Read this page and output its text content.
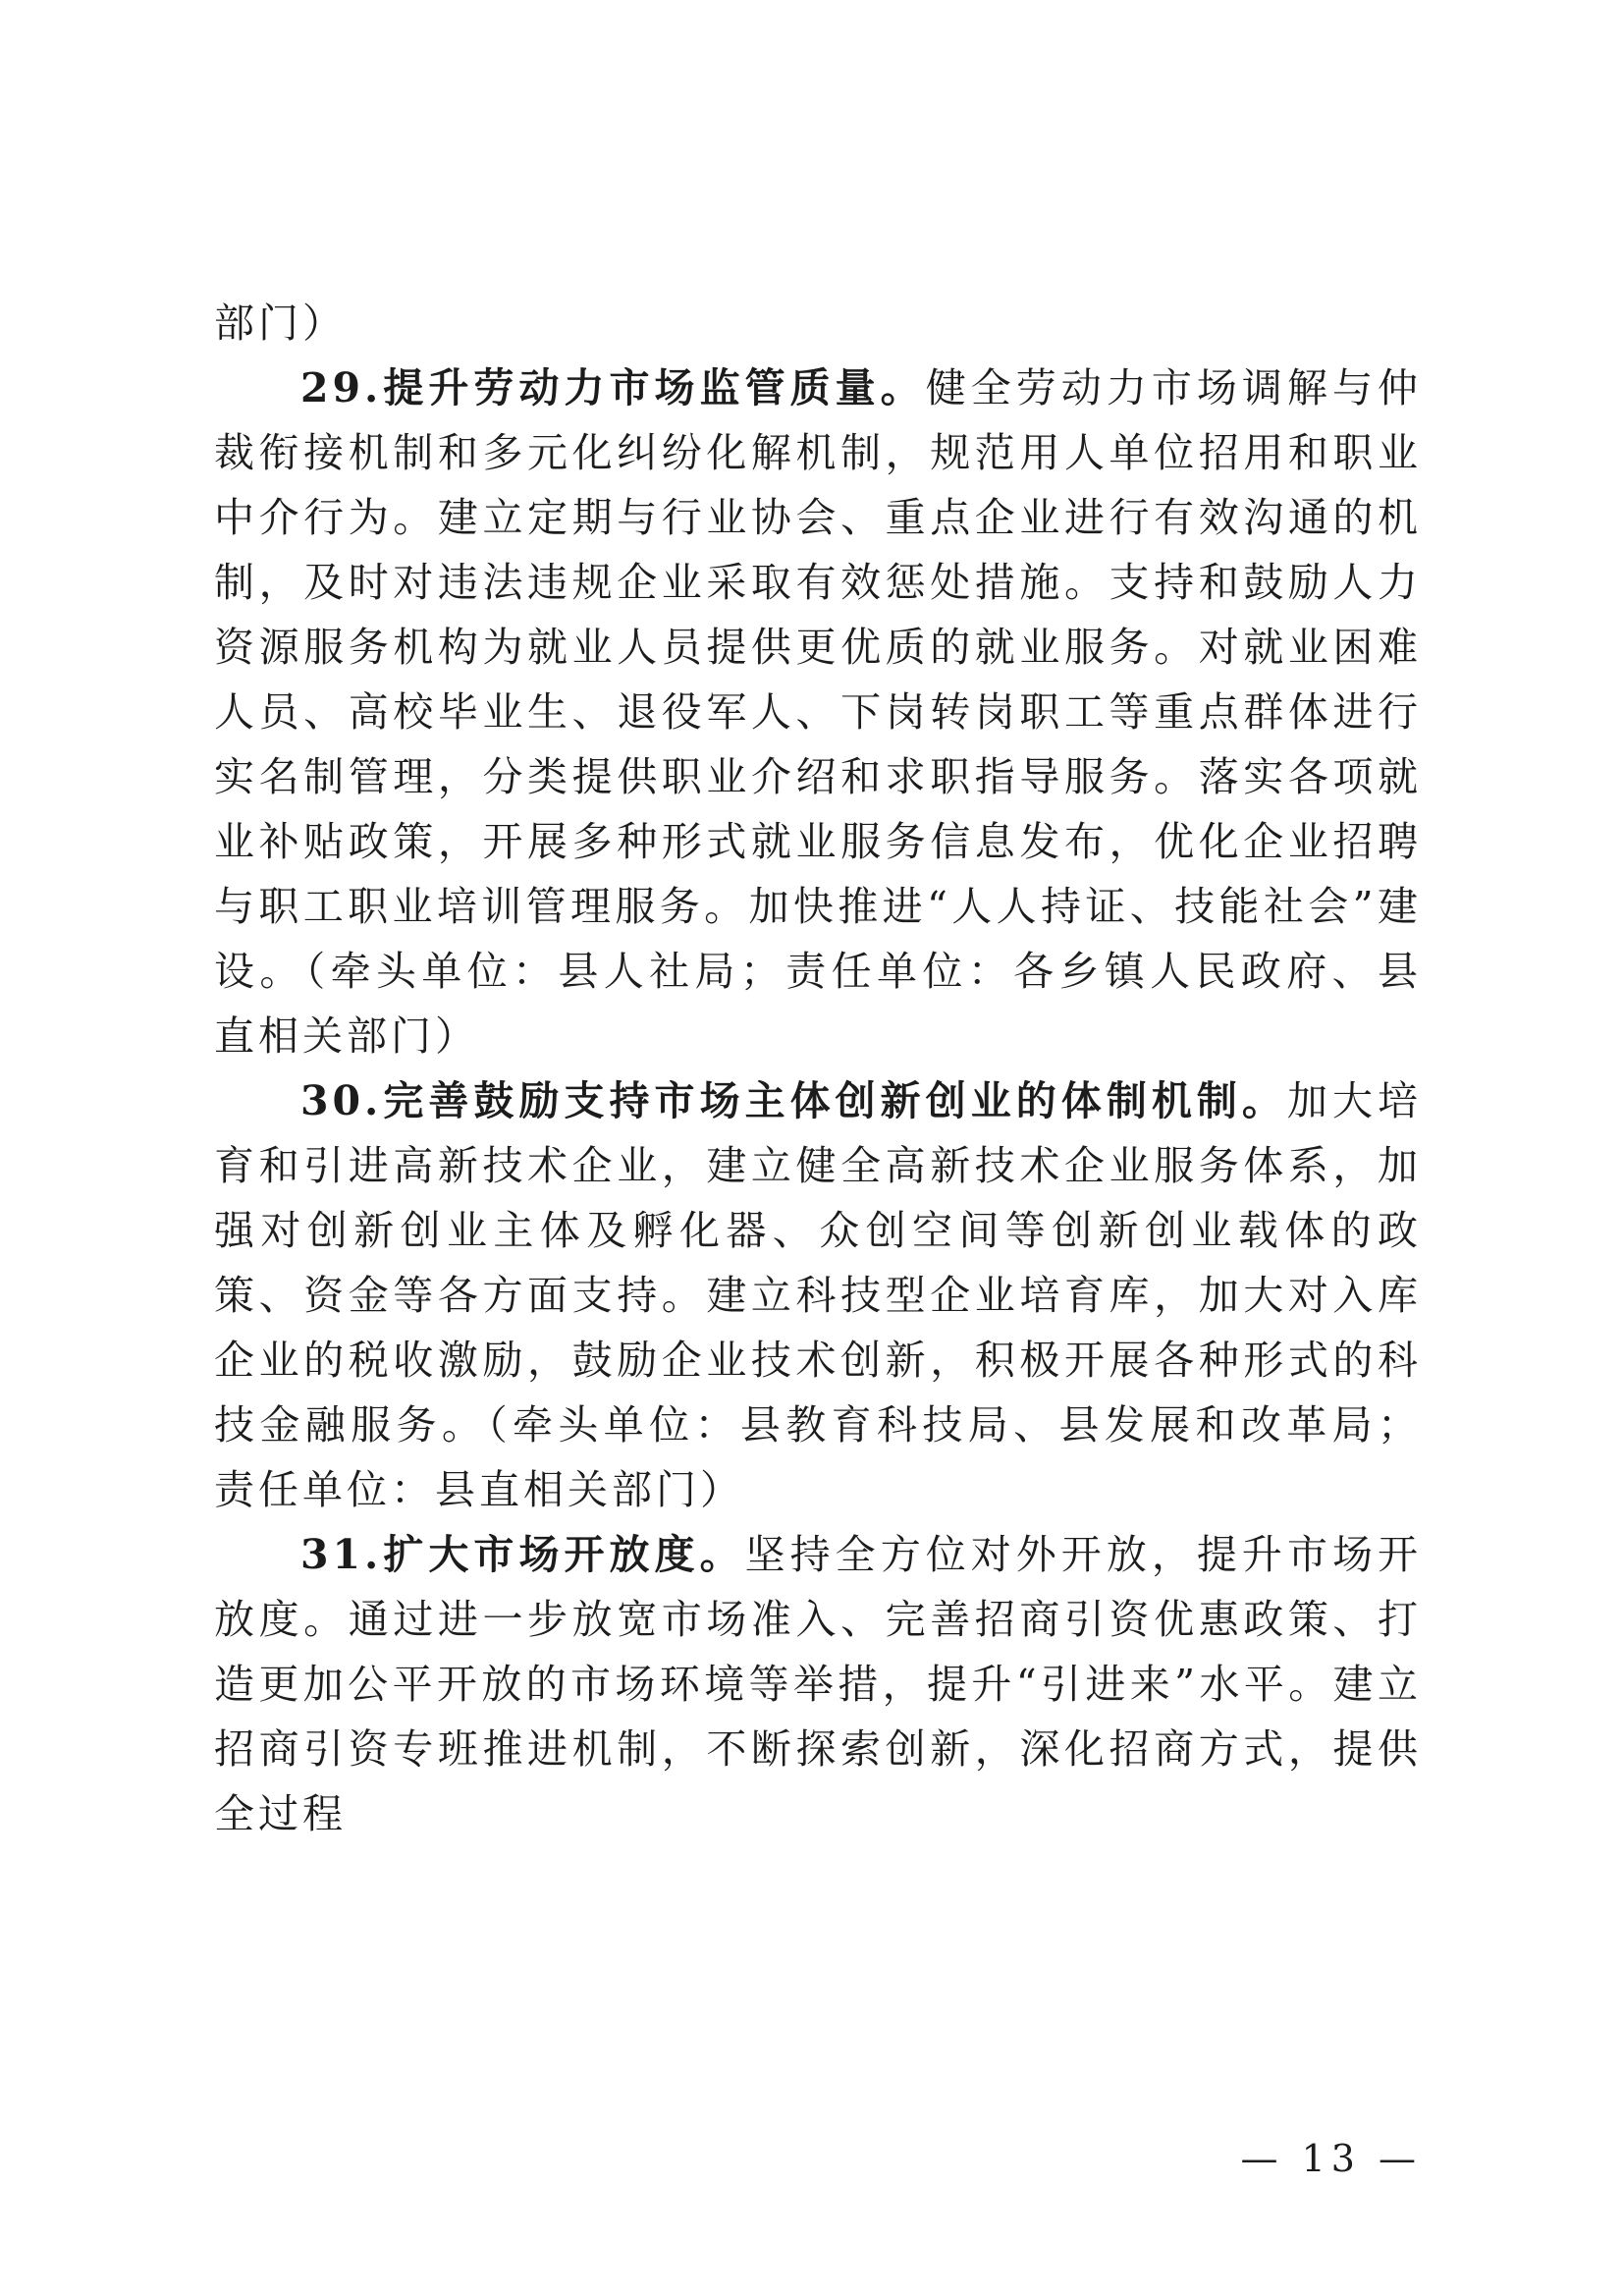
部门）

29.提升劳动力市场监管质量。健全劳动力市场调解与仲裁衔接机制和多元化纠纷化解机制，规范用人单位招用和职业中介行为。建立定期与行业协会、重点企业进行有效沟通的机制，及时对违法违规企业采取有效惩处措施。支持和鼓励人力资源服务机构为就业人员提供更优质的就业服务。对就业困难人员、高校毕业生、退役军人、下岗转岗职工等重点群体进行实名制管理，分类提供职业介绍和求职指导服务。落实各项就业补贴政策，开展多种形式就业服务信息发布，优化企业招聘与职工职业培训管理服务。加快推进“人人持证、技能社会”建设。（牵头单位：县人社局；责任单位：各乡镇人民政府、县直相关部门）

30.完善鼓励支持市场主体创新创业的体制机制。加大培育和引进高新技术企业，建立健全高新技术企业服务体系，加强对创新创业主体及孵化器、众创空间等创新创业载体的政策、资金等各方面支持。建立科技型企业培育库，加大对入库企业的税收激励，鼓励企业技术创新，积极开展各种形式的科技金融服务。（牵头单位：县教育科技局、县发展和改革局；责任单位：县直相关部门）

31.扩大市场开放度。坚持全方位对外开放，提升市场开放度。通过进一步放宽市场准入、完善招商引资优惠政策、打造更加公平开放的市场环境等举措，提升“引进来”水平。建立招商引资专班推进机制，不断探索创新，深化招商方式，提供全过程

— 13 —
